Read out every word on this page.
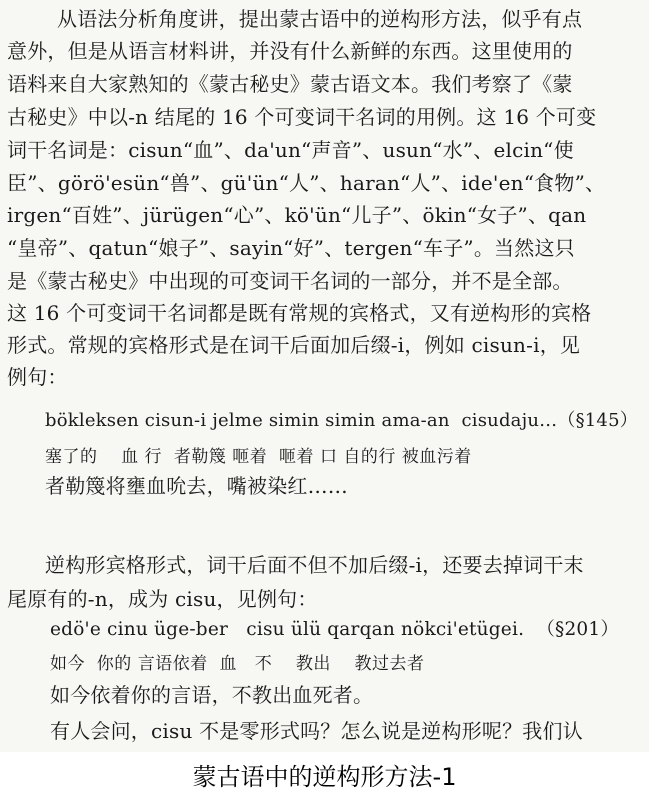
从语法分析角度讲，提出蒙古语中的逆构形方法，似乎有点
意外，但是从语言材料讲，并没有什么新鲜的东西。这里使用的
语料来自大家熟知的《蒙古秘史》蒙古语文本。我们考察了《蒙
古秘史》中以-n 结尾的 16 个可变词干名词的用例。这 16 个可变
词干名词是：cisun“血”、da'un“声音”、usun“水”、elcin“使
臣”、görö'esün“兽”、gü'ün“人”、haran“人”、ide'en“食物”、
irgen“百姓”、jürügen“心”、kö'ün“儿子”、ökin“女子”、qan
“皇帝”、qatun“娘子”、sayin“好”、tergen“车子”。当然这只
是《蒙古秘史》中出现的可变词干名词的一部分，并不是全部。
这 16 个可变词干名词都是既有常规的宾格式，又有逆构形的宾格
形式。常规的宾格形式是在词干后面加后缀-i，例如 cisun-i，见
例句：
bökleksen cisun-i jelme simin simin ama-an  cisudaju…（§145）
塞了的    血 行  者勒篾 咂着  咂着 口 自的行 被血污着
者勒篾将壅血吮去，嘴被染红……
逆构形宾格形式，词干后面不但不加后缀-i，还要去掉词干末
尾原有的-n，成为 cisu，见例句：
edö'e cinu üge-ber   cisu ülü qarqan nökci'etügei.  （§201）
如今  你的 言语依着  血   不    教出    教过去者
如今依着你的言语，不教出血死者。
有人会问，cisu 不是零形式吗？怎么说是逆构形呢？我们认
蒙古语中的逆构形方法-1
